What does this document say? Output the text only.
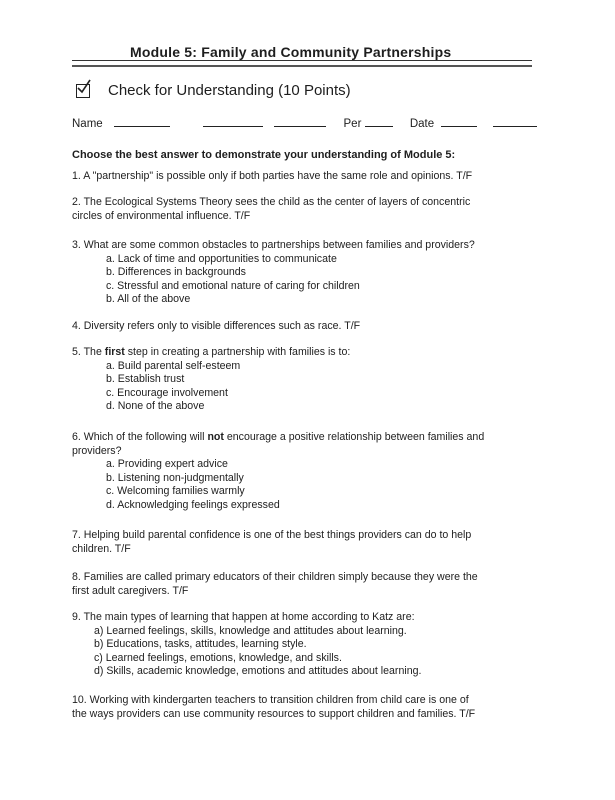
Module 5: Family and Community Partnerships
Check for Understanding (10 Points)
Name	Per	Date
Choose the best answer to demonstrate your understanding of Module 5:
1. A "partnership" is possible only if both parties have the same role and opinions. T/F
2. The Ecological Systems Theory sees the child as the center of layers of concentric
circles of environmental influence. T/F
3. What are some common obstacles to partnerships between families and providers?
a. Lack of time and opportunities to communicate
b. Differences in backgrounds
c. Stressful and emotional nature of caring for children
b. All of the above
4. Diversity refers only to visible differences such as race. T/F
5. The first step in creating a partnership with families is to:
a. Build parental self-esteem
b. Establish trust
c. Encourage involvement
d. None of the above
6. Which of the following will not encourage a positive relationship between families and
providers?
a. Providing expert advice
b. Listening non-judgmentally
c. Welcoming families warmly
d. Acknowledging feelings expressed
7. Helping build parental confidence is one of the best things providers can do to help
children. T/F
8. Families are called primary educators of their children simply because they were the
first adult caregivers. T/F
9. The main types of learning that happen at home according to Katz are:
a) Learned feelings, skills, knowledge and attitudes about learning.
b) Educations, tasks, attitudes, learning style.
c) Learned feelings, emotions, knowledge, and skills.
d) Skills, academic knowledge, emotions and attitudes about learning.
10. Working with kindergarten teachers to transition children from child care is one of
the ways providers can use community resources to support children and families. T/F
